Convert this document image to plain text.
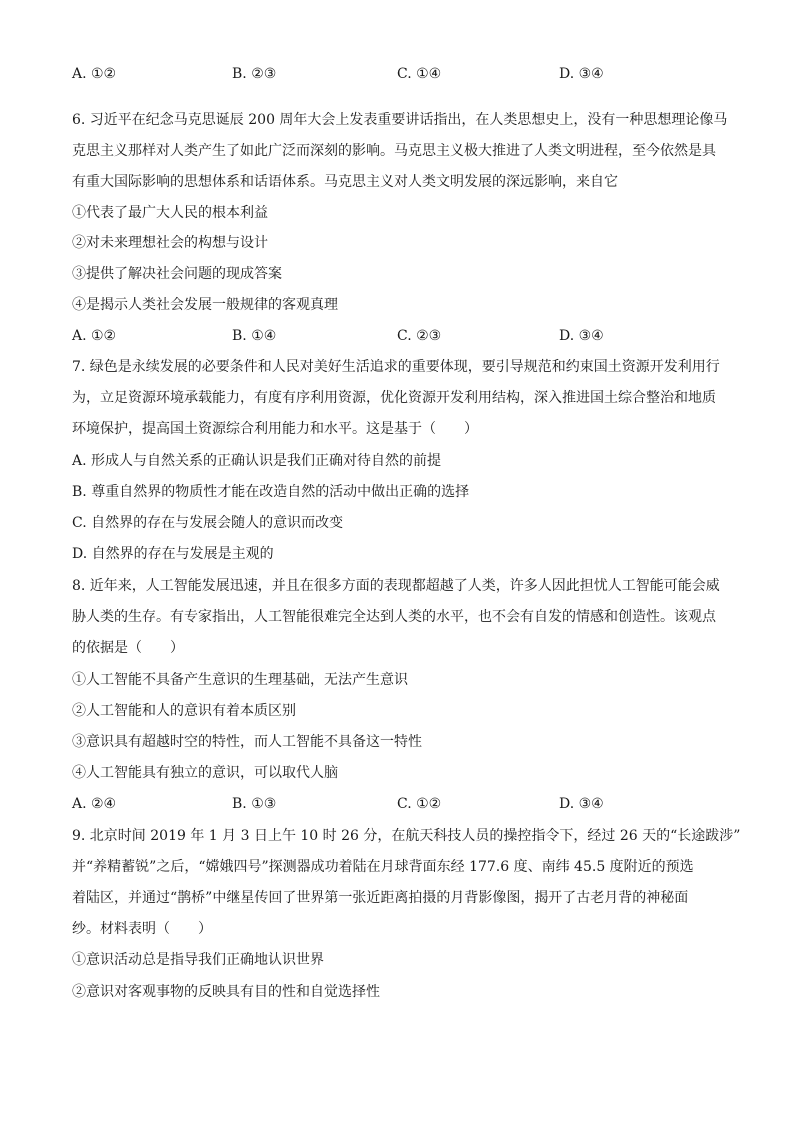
A. ①②	B. ②③	C. ①④	D. ③④
6. 习近平在纪念马克思诞辰 200 周年大会上发表重要讲话指出，在人类思想史上，没有一种思想理论像马
克思主义那样对人类产生了如此广泛而深刻的影响。马克思主义极大推进了人类文明进程，至今依然是具
有重大国际影响的思想体系和话语体系。马克思主义对人类文明发展的深远影响，来自它
①代表了最广大人民的根本利益
②对未来理想社会的构想与设计
③提供了解决社会问题的现成答案
④是揭示人类社会发展一般规律的客观真理
A. ①②	B. ①④	C. ②③	D. ③④
7. 绿色是永续发展的必要条件和人民对美好生活追求的重要体现，要引导规范和约束国土资源开发利用行
为，立足资源环境承载能力，有度有序利用资源，优化资源开发利用结构，深入推进国土综合整治和地质
环境保护，提高国土资源综合利用能力和水平。这是基于（　　）
A. 形成人与自然关系的正确认识是我们正确对待自然的前提
B. 尊重自然界的物质性才能在改造自然的活动中做出正确的选择
C. 自然界的存在与发展会随人的意识而改变
D. 自然界的存在与发展是主观的
8. 近年来，人工智能发展迅速，并且在很多方面的表现都超越了人类，许多人因此担忧人工智能可能会威
胁人类的生存。有专家指出，人工智能很难完全达到人类的水平，也不会有自发的情感和创造性。该观点
的依据是（　　）
①人工智能不具备产生意识的生理基础，无法产生意识
②人工智能和人的意识有着本质区别
③意识具有超越时空的特性，而人工智能不具备这一特性
④人工智能具有独立的意识，可以取代人脑
A. ②④	B. ①③	C. ①②	D. ③④
9. 北京时间 2019 年 1 月 3 日上午 10 时 26 分，在航天科技人员的操控指令下，经过 26 天的“长途跋涉”
并“养精蓄锐”之后，“嫦娥四号”探测器成功着陆在月球背面东经 177.6 度、南纬 45.5 度附近的预选
着陆区，并通过“鹊桥”中继星传回了世界第一张近距离拍摄的月背影像图，揭开了古老月背的神秘面
纱。材料表明（　　）
①意识活动总是指导我们正确地认识世界
②意识对客观事物的反映具有目的性和自觉选择性
